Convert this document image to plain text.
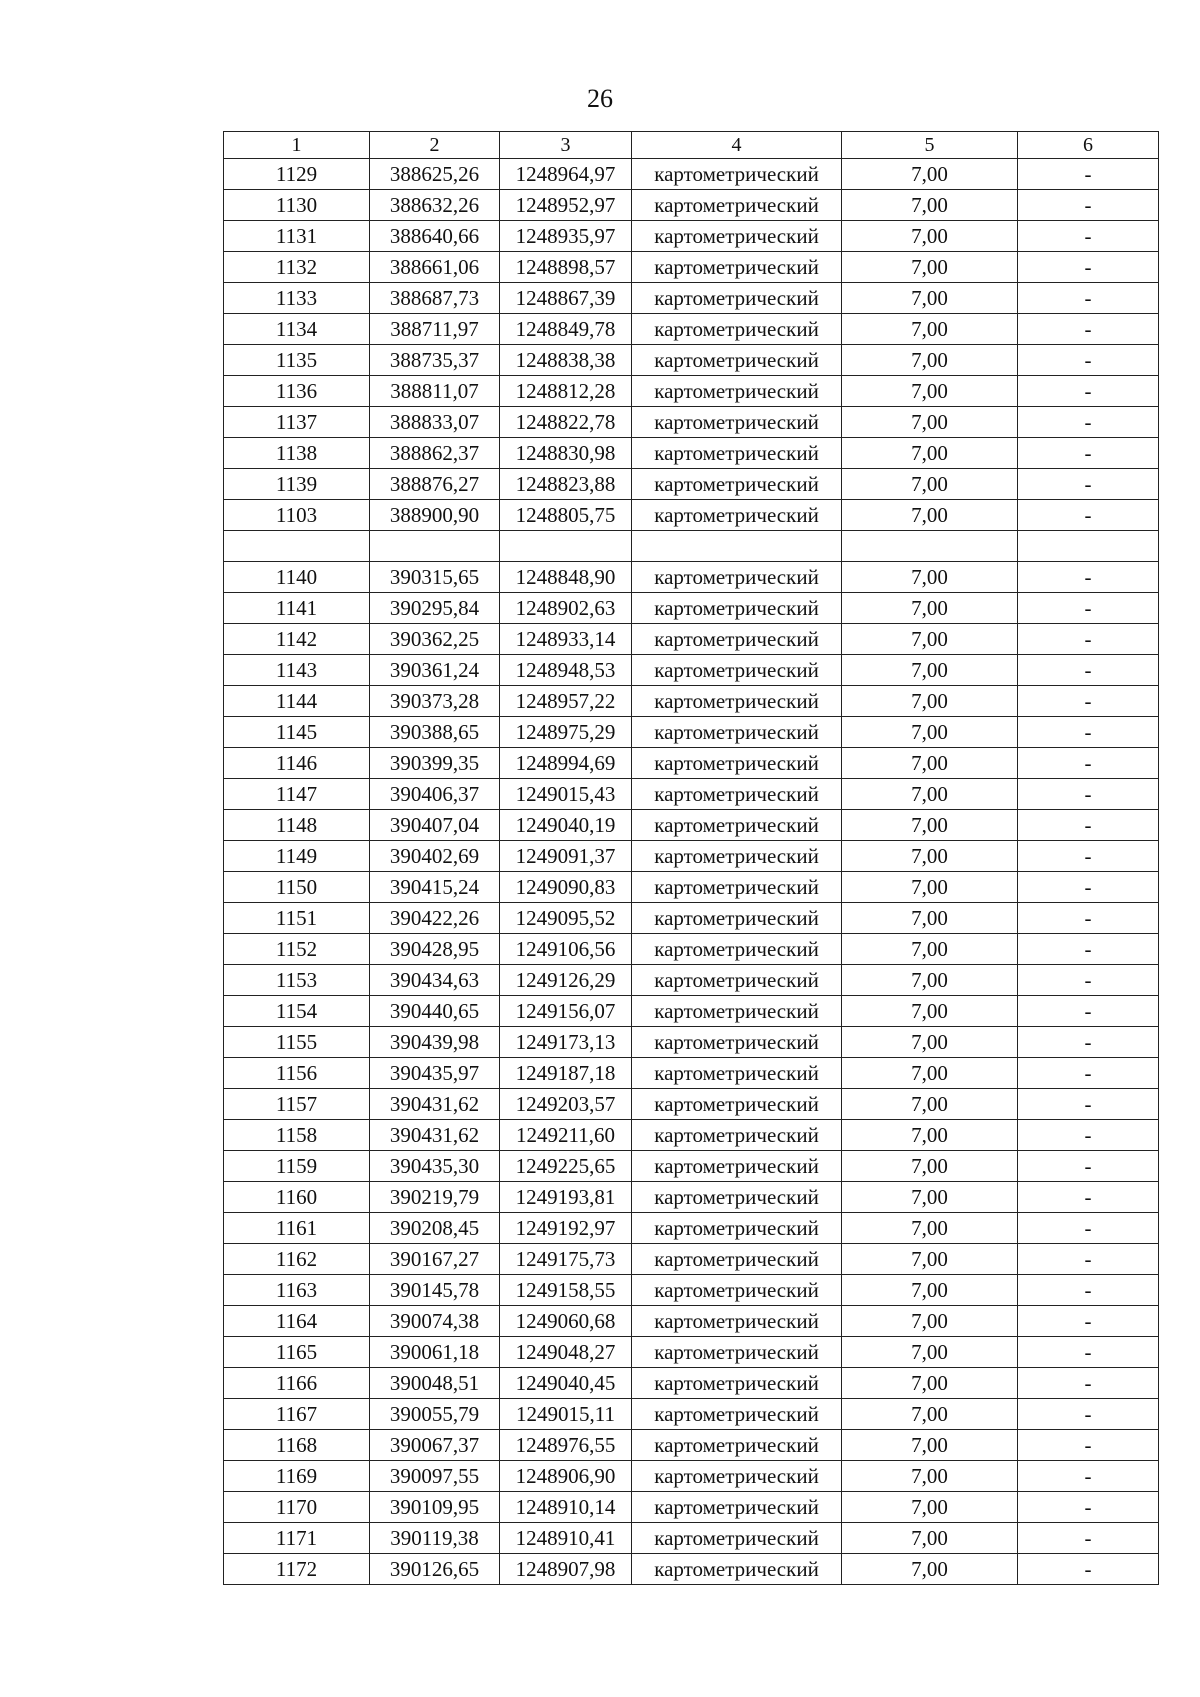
26
1	2	3	4	5	6
1129	388625,26	1248964,97	картометрический	7,00	-
1130	388632,26	1248952,97	картометрический	7,00	-
1131	388640,66	1248935,97	картометрический	7,00	-
1132	388661,06	1248898,57	картометрический	7,00	-
1133	388687,73	1248867,39	картометрический	7,00	-
1134	388711,97	1248849,78	картометрический	7,00	-
1135	388735,37	1248838,38	картометрический	7,00	-
1136	388811,07	1248812,28	картометрический	7,00	-
1137	388833,07	1248822,78	картометрический	7,00	-
1138	388862,37	1248830,98	картометрический	7,00	-
1139	388876,27	1248823,88	картометрический	7,00	-
1103	388900,90	1248805,75	картометрический	7,00	-

1140	390315,65	1248848,90	картометрический	7,00	-
1141	390295,84	1248902,63	картометрический	7,00	-
1142	390362,25	1248933,14	картометрический	7,00	-
1143	390361,24	1248948,53	картометрический	7,00	-
1144	390373,28	1248957,22	картометрический	7,00	-
1145	390388,65	1248975,29	картометрический	7,00	-
1146	390399,35	1248994,69	картометрический	7,00	-
1147	390406,37	1249015,43	картометрический	7,00	-
1148	390407,04	1249040,19	картометрический	7,00	-
1149	390402,69	1249091,37	картометрический	7,00	-
1150	390415,24	1249090,83	картометрический	7,00	-
1151	390422,26	1249095,52	картометрический	7,00	-
1152	390428,95	1249106,56	картометрический	7,00	-
1153	390434,63	1249126,29	картометрический	7,00	-
1154	390440,65	1249156,07	картометрический	7,00	-
1155	390439,98	1249173,13	картометрический	7,00	-
1156	390435,97	1249187,18	картометрический	7,00	-
1157	390431,62	1249203,57	картометрический	7,00	-
1158	390431,62	1249211,60	картометрический	7,00	-
1159	390435,30	1249225,65	картометрический	7,00	-
1160	390219,79	1249193,81	картометрический	7,00	-
1161	390208,45	1249192,97	картометрический	7,00	-
1162	390167,27	1249175,73	картометрический	7,00	-
1163	390145,78	1249158,55	картометрический	7,00	-
1164	390074,38	1249060,68	картометрический	7,00	-
1165	390061,18	1249048,27	картометрический	7,00	-
1166	390048,51	1249040,45	картометрический	7,00	-
1167	390055,79	1249015,11	картометрический	7,00	-
1168	390067,37	1248976,55	картометрический	7,00	-
1169	390097,55	1248906,90	картометрический	7,00	-
1170	390109,95	1248910,14	картометрический	7,00	-
1171	390119,38	1248910,41	картометрический	7,00	-
1172	390126,65	1248907,98	картометрический	7,00	-
